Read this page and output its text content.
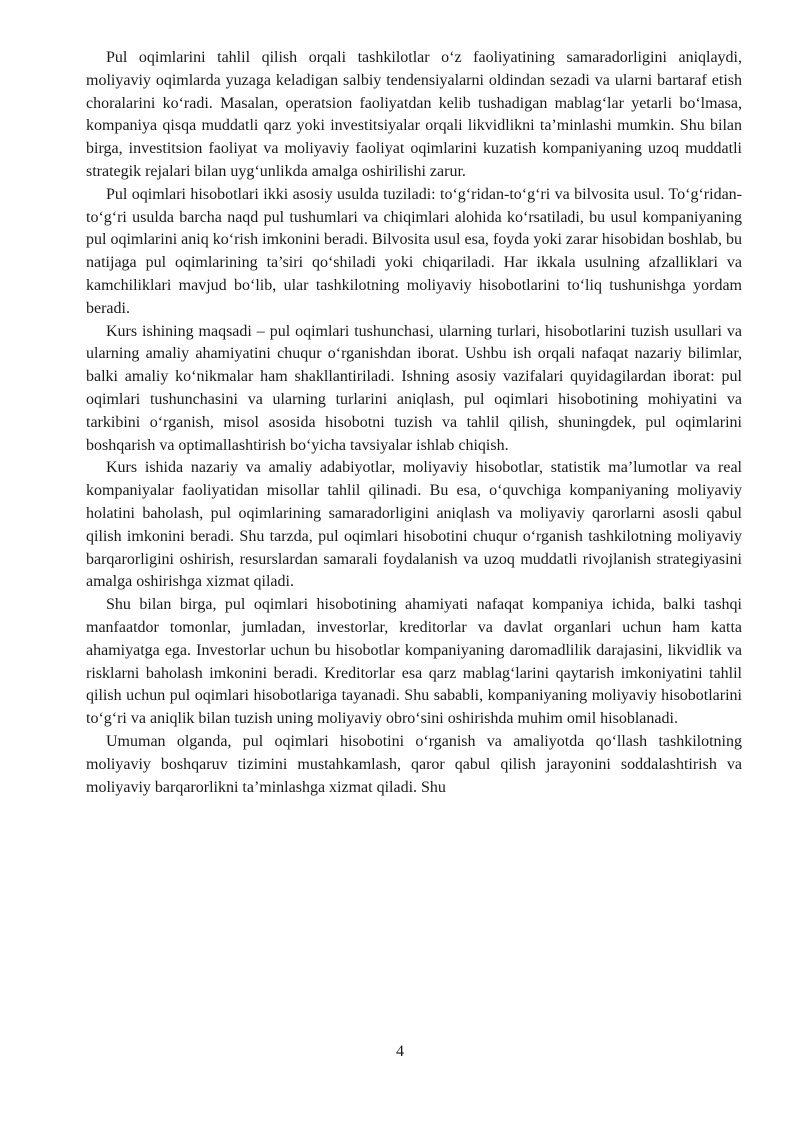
Pul oqimlarini tahlil qilish orqali tashkilotlar o‘z faoliyatining samaradorligini aniqlaydi, moliyaviy oqimlarda yuzaga keladigan salbiy tendensiyalarni oldindan sezadi va ularni bartaraf etish choralarini ko‘radi. Masalan, operatsion faoliyatdan kelib tushadigan mablag‘lar yetarli bo‘lmasa, kompaniya qisqa muddatli qarz yoki investitsiyalar orqali likvidlikni ta’minlashi mumkin. Shu bilan birga, investitsion faoliyat va moliyaviy faoliyat oqimlarini kuzatish kompaniyaning uzoq muddatli strategik rejalari bilan uyg‘unlikda amalga oshirilishi zarur.

Pul oqimlari hisobotlari ikki asosiy usulda tuziladi: to‘g‘ridan-to‘g‘ri va bilvosita usul. To‘g‘ridan-to‘g‘ri usulda barcha naqd pul tushumlari va chiqimlari alohida ko‘rsatiladi, bu usul kompaniyaning pul oqimlarini aniq ko‘rish imkonini beradi. Bilvosita usul esa, foyda yoki zarar hisobidan boshlab, bu natijaga pul oqimlarining ta’siri qo‘shiladi yoki chiqariladi. Har ikkala usulning afzalliklari va kamchiliklari mavjud bo‘lib, ular tashkilotning moliyaviy hisobotlarini to‘liq tushunishga yordam beradi.

Kurs ishining maqsadi – pul oqimlari tushunchasi, ularning turlari, hisobotlarini tuzish usullari va ularning amaliy ahamiyatini chuqur o‘rganishdan iborat. Ushbu ish orqali nafaqat nazariy bilimlar, balki amaliy ko‘nikmalar ham shakllantiriladi. Ishning asosiy vazifalari quyidagilardan iborat: pul oqimlari tushunchasini va ularning turlarini aniqlash, pul oqimlari hisobotining mohiyatini va tarkibini o‘rganish, misol asosida hisobotni tuzish va tahlil qilish, shuningdek, pul oqimlarini boshqarish va optimallashtirish bo‘yicha tavsiyalar ishlab chiqish.

Kurs ishida nazariy va amaliy adabiyotlar, moliyaviy hisobotlar, statistik ma’lumotlar va real kompaniyalar faoliyatidan misollar tahlil qilinadi. Bu esa, o‘quvchiga kompaniyaning moliyaviy holatini baholash, pul oqimlarining samaradorligini aniqlash va moliyaviy qarorlarni asosli qabul qilish imkonini beradi. Shu tarzda, pul oqimlari hisobotini chuqur o‘rganish tashkilotning moliyaviy barqarorligini oshirish, resurslardan samarali foydalanish va uzoq muddatli rivojlanish strategiyasini amalga oshirishga xizmat qiladi.

Shu bilan birga, pul oqimlari hisobotining ahamiyati nafaqat kompaniya ichida, balki tashqi manfaatdor tomonlar, jumladan, investorlar, kreditorlar va davlat organlari uchun ham katta ahamiyatga ega. Investorlar uchun bu hisobotlar kompaniyaning daromadlilik darajasini, likvidlik va risklarni baholash imkonini beradi. Kreditorlar esa qarz mablag‘larini qaytarish imkoniyatini tahlil qilish uchun pul oqimlari hisobotlariga tayanadi. Shu sababli, kompaniyaning moliyaviy hisobotlarini to‘g‘ri va aniqlik bilan tuzish uning moliyaviy obro‘sini oshirishda muhim omil hisoblanadi.

Umuman olganda, pul oqimlari hisobotini o‘rganish va amaliyotda qo‘llash tashkilotning moliyaviy boshqaruv tizimini mustahkamlash, qaror qabul qilish jarayonini soddalashtirish va moliyaviy barqarorlikni ta’minlashga xizmat qiladi. Shu

4
